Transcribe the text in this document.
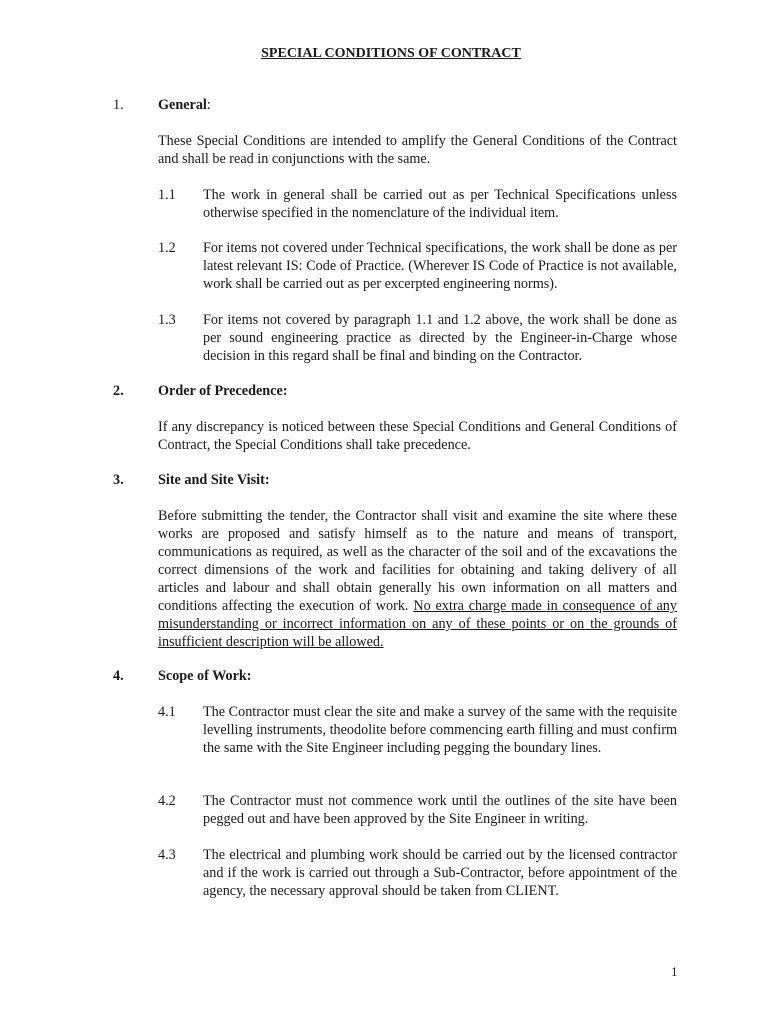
SPECIAL CONDITIONS OF CONTRACT
1. General:

These Special Conditions are intended to amplify the General Conditions of the Contract and shall be read in conjunctions with the same.

1.1 The work in general shall be carried out as per Technical Specifications unless otherwise specified in the nomenclature of the individual item.
1.2 For items not covered under Technical specifications, the work shall be done as per latest relevant IS: Code of Practice. (Wherever IS Code of Practice is not available, work shall be carried out as per excerpted engineering norms).
1.3 For items not covered by paragraph 1.1 and 1.2 above, the work shall be done as per sound engineering practice as directed by the Engineer-in-Charge whose decision in this regard shall be final and binding on the Contractor.
2. Order of Precedence:

If any discrepancy is noticed between these Special Conditions and General Conditions of Contract, the Special Conditions shall take precedence.

3. Site and Site Visit:

Before submitting the tender, the Contractor shall visit and examine the site where these works are proposed and satisfy himself as to the nature and means of transport, communications as required, as well as the character of the soil and of the excavations the correct dimensions of the work and facilities for obtaining and taking delivery of all articles and labour and shall obtain generally his own information on all matters and conditions affecting the execution of work. No extra charge made in consequence of any misunderstanding or incorrect information on any of these points or on the grounds of insufficient description will be allowed.

4. Scope of Work:
4.1 The Contractor must clear the site and make a survey of the same with the requisite levelling instruments, theodolite before commencing earth filling and must confirm the same with the Site Engineer including pegging the boundary lines.
4.2 The Contractor must not commence work until the outlines of the site have been pegged out and have been approved by the Site Engineer in writing.
4.3 The electrical and plumbing work should be carried out by the licensed contractor and if the work is carried out through a Sub-Contractor, before appointment of the agency, the necessary approval should be taken from CLIENT.
1
